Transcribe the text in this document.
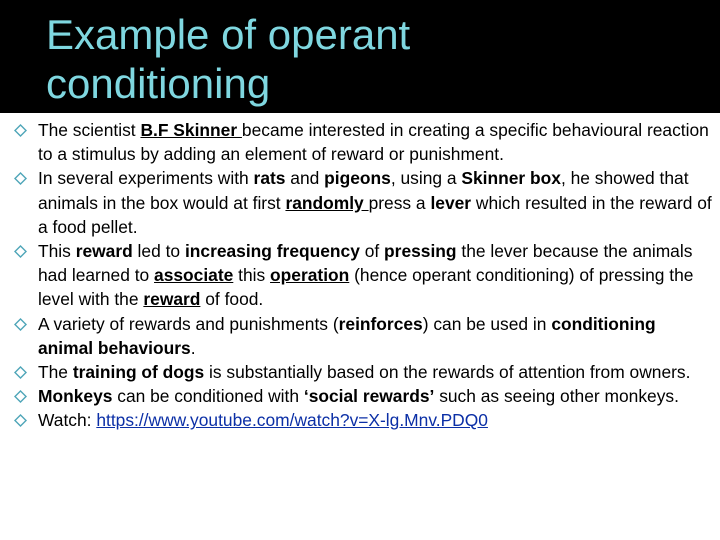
Example of operant
conditioning
The scientist B.F Skinner became interested in creating a specific behavioural reaction to a stimulus by adding an element of reward or punishment.
In several experiments with rats and pigeons, using a Skinner box, he showed that animals in the box would at first randomly press a lever which resulted in the reward of a food pellet.
This reward led to increasing frequency of pressing the lever because the animals had learned to associate this operation (hence operant conditioning) of pressing the level with the reward of food.
A variety of rewards and punishments (reinforces) can be used in conditioning animal behaviours.
The training of dogs is substantially based on the rewards of attention from owners.
Monkeys can be conditioned with ‘social rewards’ such as seeing other monkeys.
Watch: https://www.youtube.com/watch?v=X-lg.Mnv.PDQ0
